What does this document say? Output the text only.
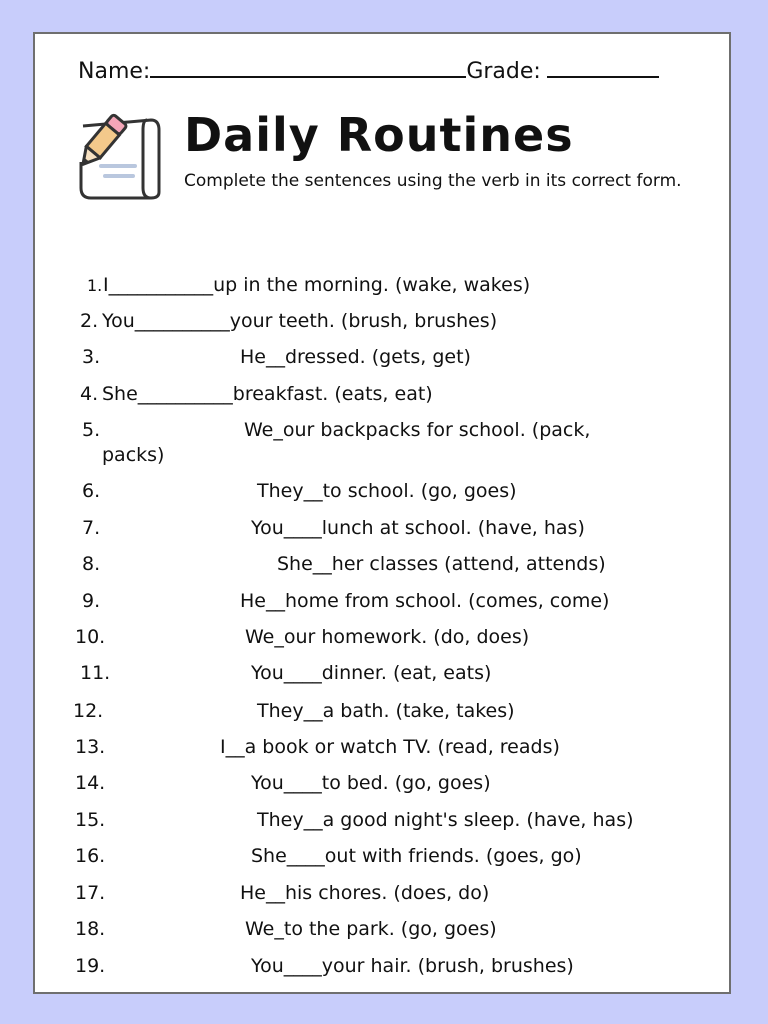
Name:	Grade:
Daily Routines
Complete the sentences using the verb in its correct form.
1. I___________up in the morning. (wake, wakes)
2. You__________your teeth. (brush, brushes)
3.	He__dressed. (gets, get)
4. She__________breakfast. (eats, eat)
5.	We_our backpacks for school. (pack,
packs)
6.	They__to school. (go, goes)
7.	You____lunch at school. (have, has)
8.	She__her classes (attend, attends)
9.	He__home from school. (comes, come)
10.	We_our homework. (do, does)
11.	You____dinner. (eat, eats)
12.	They__a bath. (take, takes)
13.	I__a book or watch TV. (read, reads)
14.	You____to bed. (go, goes)
15.	They__a good night's sleep. (have, has)
16.	She____out with friends. (goes, go)
17.	He__his chores. (does, do)
18.	We_to the park. (go, goes)
19.	You____your hair. (brush, brushes)
